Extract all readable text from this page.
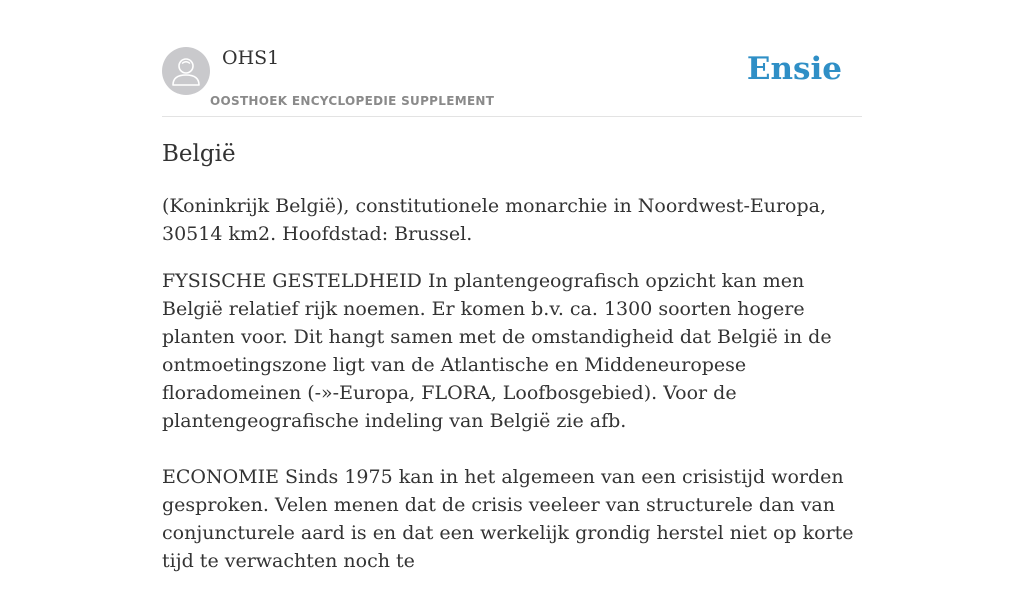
OHS1
OOSTHOEK ENCYCLOPEDIE SUPPLEMENT
Ensie
België

(Koninkrijk België), constitutionele monarchie in Noordwest-Europa, 30514 km2. Hoofdstad: Brussel.

FYSISCHE GESTELDHEID In plantengeografisch opzicht kan men België relatief rijk noemen. Er komen b.v. ca. 1300 soorten hogere planten voor. Dit hangt samen met de omstandigheid dat België in de ontmoetingszone ligt van de Atlantische en Middeneuropese floradomeinen (-»-Europa, FLORA, Loofbosgebied). Voor de plantengeografische indeling van België zie afb.

ECONOMIE Sinds 1975 kan in het algemeen van een crisistijd worden gesproken. Velen menen dat de crisis veeleer van structurele dan van conjuncturele aard is en dat een werkelijk grondig herstel niet op korte tijd te verwachten noch te
